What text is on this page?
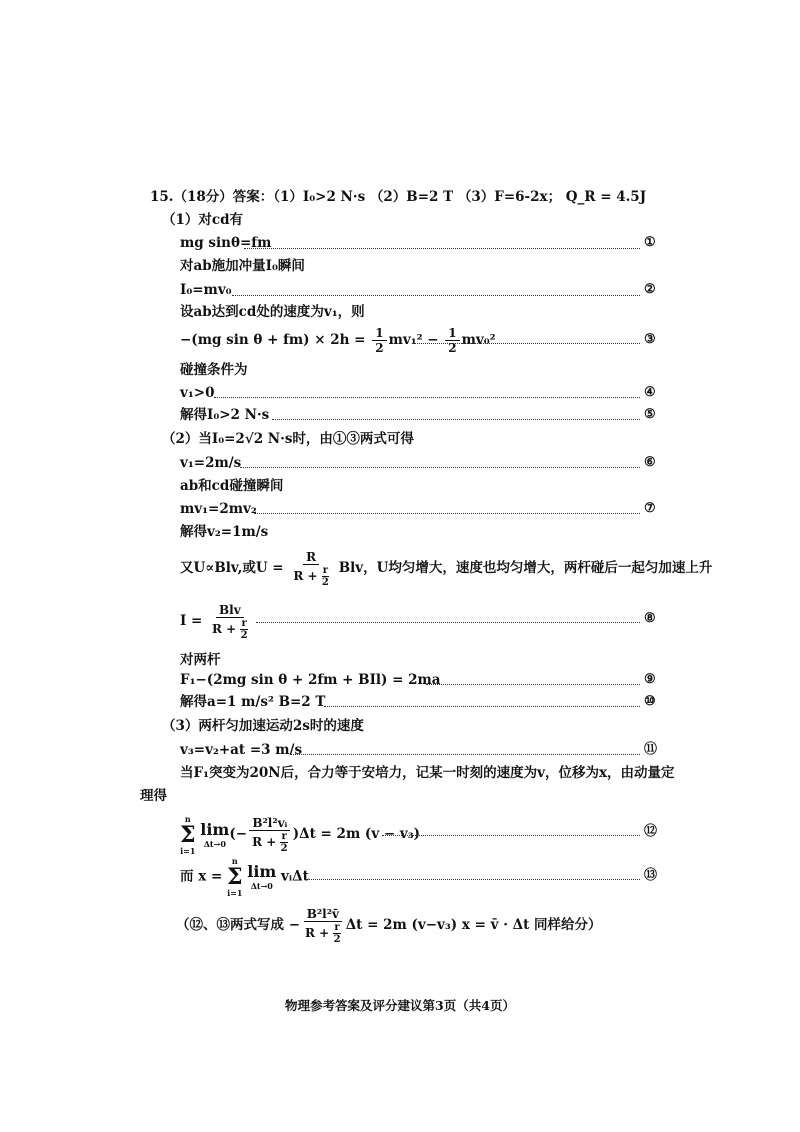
15.（18分）答案：（1）I₀>2 N·s （2）B=2 T （3）F=6-2x； Q_R = 4.5J
（1）对cd有
mg sinθ=fm	①
对ab施加冲量I₀瞬间
I₀=mv₀	②
设ab达到cd处的速度为v₁，则
−(mg $\sin \theta + fm) \times 2h = \frac{1}{2} mv_1^2 - \frac{1}{2} mv_0^2$	③
碰撞条件为
v₁>0	④
解得I₀>2 N·s	⑤
（2）当I₀=2√2 N·s时，由①③两式可得
v₁=2m/s	⑥
ab和cd碰撞瞬间
mv₁=2mv₂	⑦
解得v₂=1m/s
又U∝Blv,或$U = \frac{R}{R + \frac{r}{2}}$ Blv，U均匀增大，速度也均匀增大，两杆碰后一起匀加速上升
$I = \frac{\text{Blv}}{R + \frac{r}{2}}$	⑧
对两杆
F₁−(2mg sin θ + 2fm + BIl) = 2ma	⑨
解得a=1 m/s² B=2 T	⑩
（3）两杆匀加速运动2s时的速度
v₃=v₂+at =3 m/s	⑪
当F₁突变为20N后，合力等于安培力，记某一时刻的速度为v，位移为x，由动量定
理得
n
Σ
i=1

lim
Δt→0
(− $\frac{\text{B²l²vᵢ}}{R + \frac{r}{2}} )\Delta t = 2m$ (v − v₃)	⑫
而 x =
n
Σ
i=1

lim
Δt→0
vᵢΔt	⑬
（⑫、⑬两式写成 − $\frac{\text{B²l²v̄}}{R + \frac{r}{2}}$ Δt = 2m (v−v₃) x = v̄ · Δt 同样给分）
物理参考答案及评分建议第3页（共4页）
